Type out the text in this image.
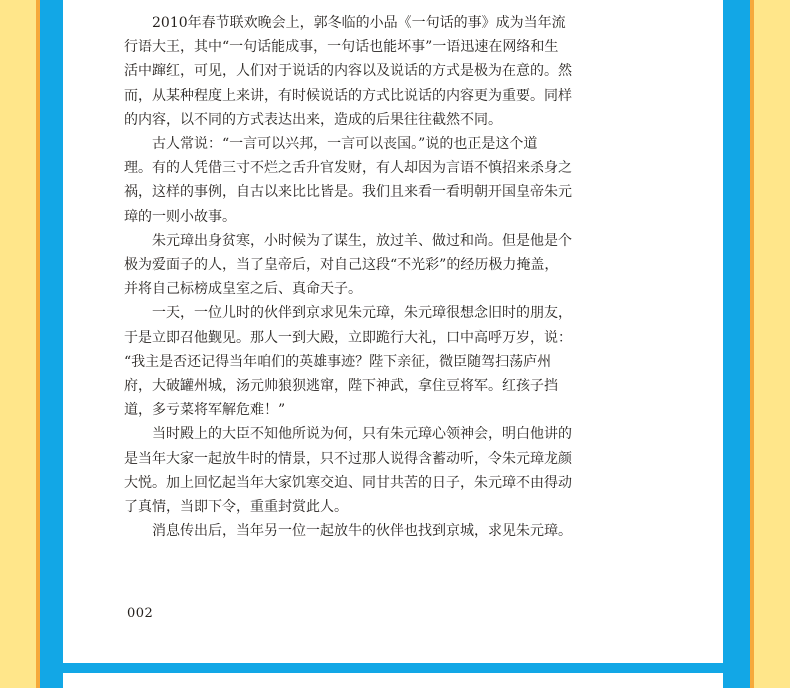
2010年春节联欢晚会上，郭冬临的小品《一句话的事》成为当年流
行语大王，其中“一句话能成事，一句话也能坏事”一语迅速在网络和生
活中蹿红，可见，人们对于说话的内容以及说话的方式是极为在意的。然
而，从某种程度上来讲，有时候说话的方式比说话的内容更为重要。同样
的内容，以不同的方式表达出来，造成的后果往往截然不同。

古人常说：“一言可以兴邦，一言可以丧国。”说的也正是这个道
理。有的人凭借三寸不烂之舌升官发财，有人却因为言语不慎招来杀身之
祸，这样的事例，自古以来比比皆是。我们且来看一看明朝开国皇帝朱元
璋的一则小故事。

朱元璋出身贫寒，小时候为了谋生，放过羊、做过和尚。但是他是个
极为爱面子的人，当了皇帝后，对自己这段“不光彩”的经历极力掩盖，
并将自己标榜成皇室之后、真命天子。

一天，一位儿时的伙伴到京求见朱元璋，朱元璋很想念旧时的朋友，
于是立即召他觐见。那人一到大殿，立即跪行大礼，口中高呼万岁，说：
“我主是否还记得当年咱们的英雄事迹？陛下亲征，微臣随驾扫荡庐州
府，大破罐州城，汤元帅狼狈逃窜，陛下神武，拿住豆将军。红孩子挡
道，多亏菜将军解危难！”

当时殿上的大臣不知他所说为何，只有朱元璋心领神会，明白他讲的
是当年大家一起放牛时的情景，只不过那人说得含蓄动听，令朱元璋龙颜
大悦。加上回忆起当年大家饥寒交迫、同甘共苦的日子，朱元璋不由得动
了真情，当即下令，重重封赏此人。

消息传出后，当年另一位一起放牛的伙伴也找到京城，求见朱元璋。

002
